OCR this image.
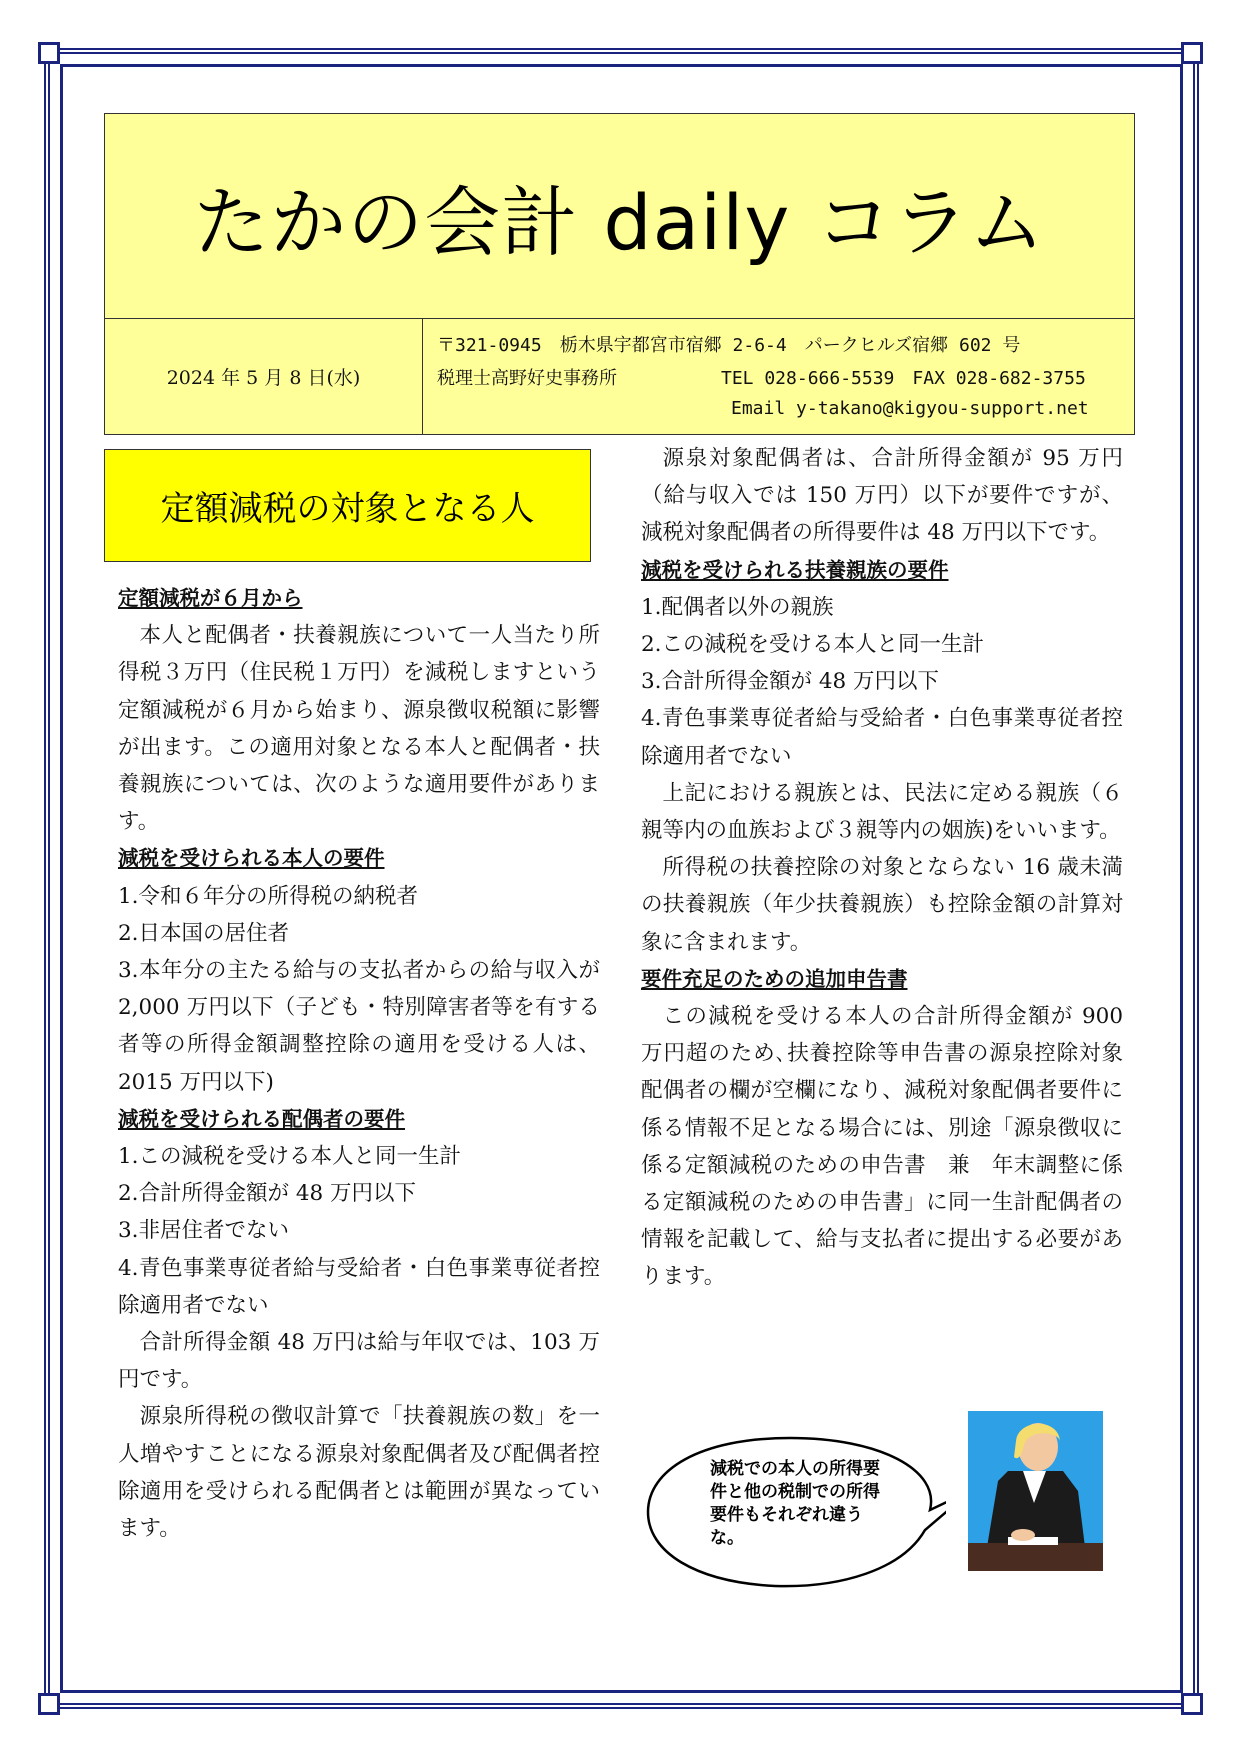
たかの会計 daily コラム
2024 年 5 月 8 日(水)
〒321-0945　栃木県宇都宮市宿郷 2-6-4　パークヒルズ宿郷 602 号
税理士高野好史事務所	TEL 028-666-5539　FAX 028-682-3755
Email y-takano@kigyou-support.net
定額減税の対象となる人

定額減税が６月から

本人と配偶者・扶養親族について一人当たり所得税３万円（住民税１万円）を減税しますという定額減税が６月から始まり、源泉徴収税額に影響が出ます。この適用対象となる本人と配偶者・扶養親族については、次のような適用要件があります。

減税を受けられる本人の要件

1.令和６年分の所得税の納税者

2.日本国の居住者

3.本年分の主たる給与の支払者からの給与収入が 2,000 万円以下（子ども・特別障害者等を有する者等の所得金額調整控除の適用を受ける人は、2015 万円以下)

減税を受けられる配偶者の要件

1.この減税を受ける本人と同一生計

2.合計所得金額が 48 万円以下

3.非居住者でない

4.青色事業専従者給与受給者・白色事業専従者控除適用者でない

合計所得金額 48 万円は給与年収では、103 万円です。

源泉所得税の徴収計算で「扶養親族の数」を一人増やすことになる源泉対象配偶者及び配偶者控除適用を受けられる配偶者とは範囲が異なっています。

源泉対象配偶者は、合計所得金額が 95 万円（給与収入では 150 万円）以下が要件ですが、減税対象配偶者の所得要件は 48 万円以下です。

減税を受けられる扶養親族の要件

1.配偶者以外の親族

2.この減税を受ける本人と同一生計

3.合計所得金額が 48 万円以下

4.青色事業専従者給与受給者・白色事業専従者控除適用者でない

上記における親族とは、民法に定める親族（６親等内の血族および３親等内の姻族)をいいます。

所得税の扶養控除の対象とならない 16 歳未満の扶養親族（年少扶養親族）も控除金額の計算対象に含まれます。

要件充足のための追加申告書

この減税を受ける本人の合計所得金額が 900 万円超のため､扶養控除等申告書の源泉控除対象配偶者の欄が空欄になり、減税対象配偶者要件に係る情報不足となる場合には、別途「源泉徴収に係る定額減税のための申告書　兼　年末調整に係る定額減税のための申告書」に同一生計配偶者の情報を記載して、給与支払者に提出する必要があります。

減税での本人の所得要件と他の税制での所得要件もそれぞれ違うな。
